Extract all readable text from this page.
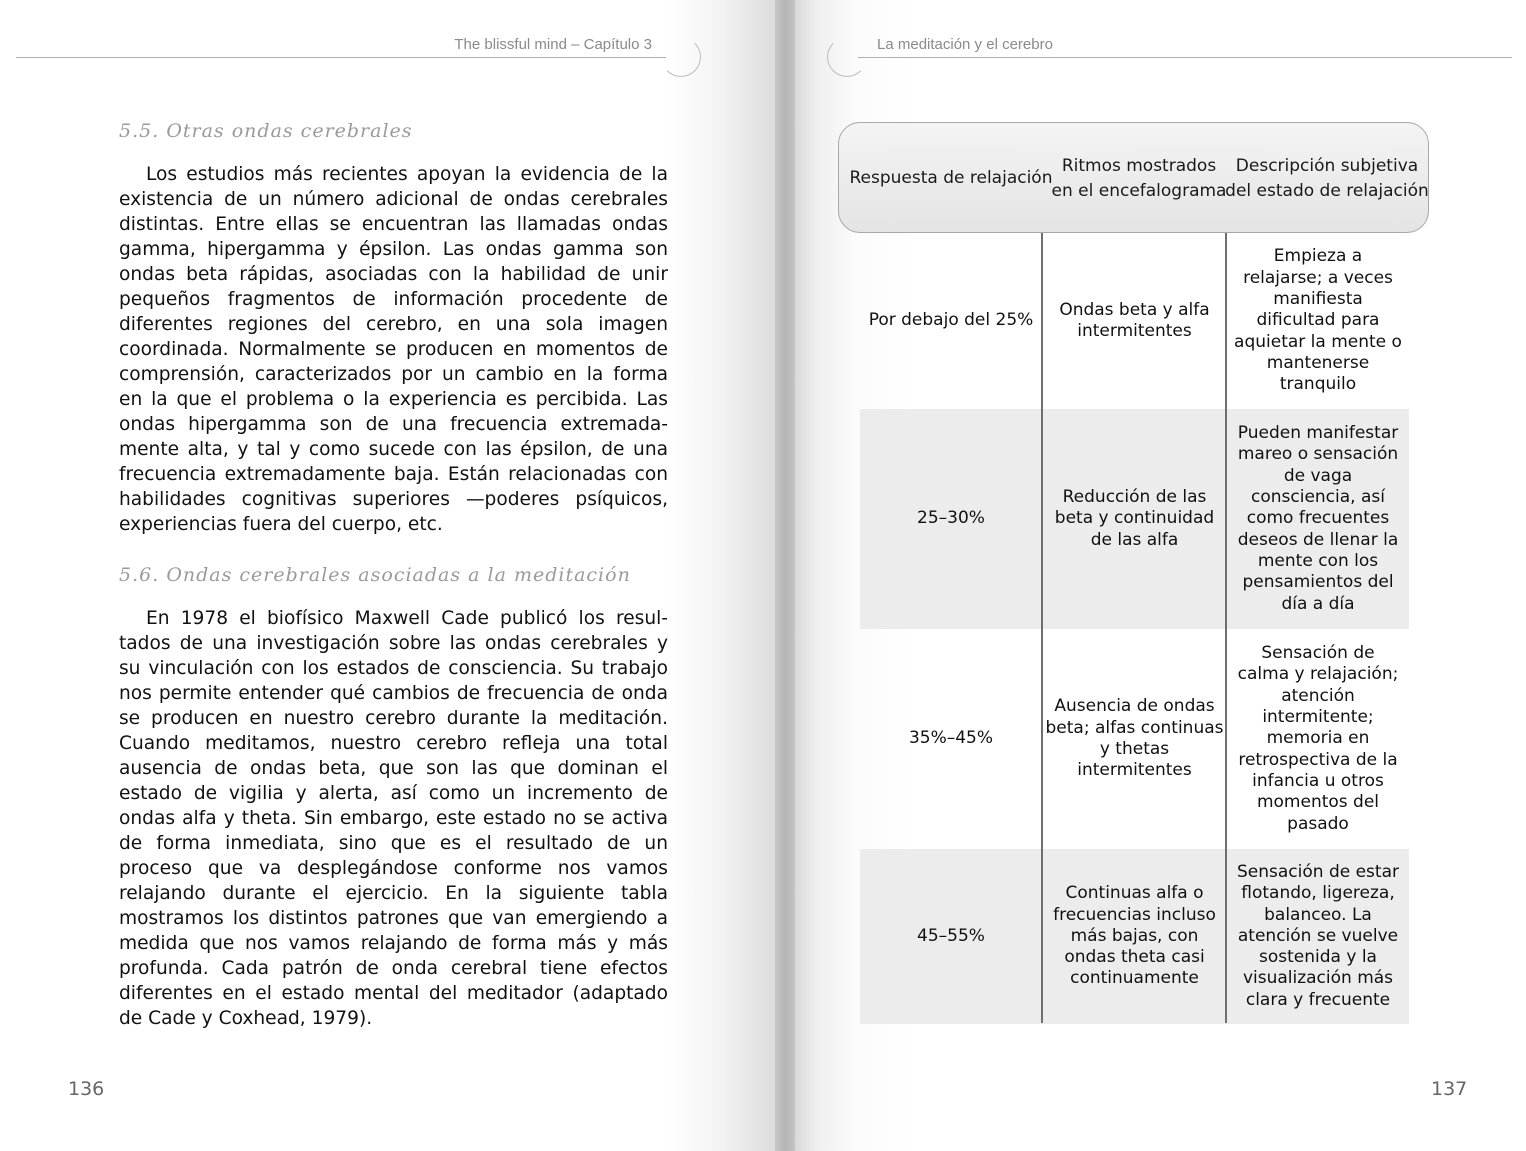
The blissful mind – Capítulo 3
5.5. Otras ondas cerebrales

Los estudios más recientes apoyan la evidencia de la existencia de un número adicional de ondas cerebrales distintas. Entre ellas se encuentran las llamadas ondas gamma, hipergamma y épsilon. Las ondas gamma son ondas beta rápidas, asociadas con la habilidad de unir pequeños fragmentos de información procedente de diferentes regiones del cerebro, en una sola imagen coordinada. Normalmente se producen en momentos de comprensión, caracterizados por un cambio en la forma en la que el problema o la experiencia es percibida. Las ondas hipergamma son de una frecuencia extremadamente alta, y tal y como sucede con las épsilon, de una frecuencia extremadamente baja. Están relacionadas con habilidades cognitivas superiores —poderes psíquicos, experiencias fuera del cuerpo, etc.

5.6. Ondas cerebrales asociadas a la meditación

En 1978 el biofísico Maxwell Cade publicó los resultados de una investigación sobre las ondas cerebrales y su vinculación con los estados de consciencia. Su trabajo nos permite entender qué cambios de frecuencia de onda se producen en nuestro cerebro durante la meditación. Cuando meditamos, nuestro cerebro refleja una total ausencia de ondas beta, que son las que dominan el estado de vigilia y alerta, así como un incremento de ondas alfa y theta. Sin embargo, este estado no se activa de forma inmediata, sino que es el resultado de un proceso que va desplegándose conforme nos vamos relajando durante el ejercicio. En la siguiente tabla mostramos los distintos patrones que van emergiendo a medida que nos vamos relajando de forma más y más profunda. Cada patrón de onda cerebral tiene efectos diferentes en el estado mental del meditador (adaptado de Cade y Coxhead, 1979).

136
La meditación y el cerebro
Respuesta de relajación
Ritmos mostrados en el encefalograma
Descripción subjetiva del estado de relajación
Por debajo del 25%
Ondas beta y alfa intermitentes
Empieza a relajarse; a veces manifiesta dificultad para aquietar la mente o mantenerse tranquilo
25–30%
Reducción de las beta y continuidad de las alfa
Pueden manifestar mareo o sensación de vaga consciencia, así como frecuentes deseos de llenar la mente con los pensamientos del día a día
35%–45%
Ausencia de ondas beta; alfas continuas y thetas intermitentes
Sensación de calma y relajación; atención intermitente; memoria en retrospectiva de la infancia u otros momentos del pasado
45–55%
Continuas alfa o frecuencias incluso más bajas, con ondas theta casi continuamente
Sensación de estar flotando, ligereza, balanceo. La atención se vuelve sostenida y la visualización más clara y frecuente
137
